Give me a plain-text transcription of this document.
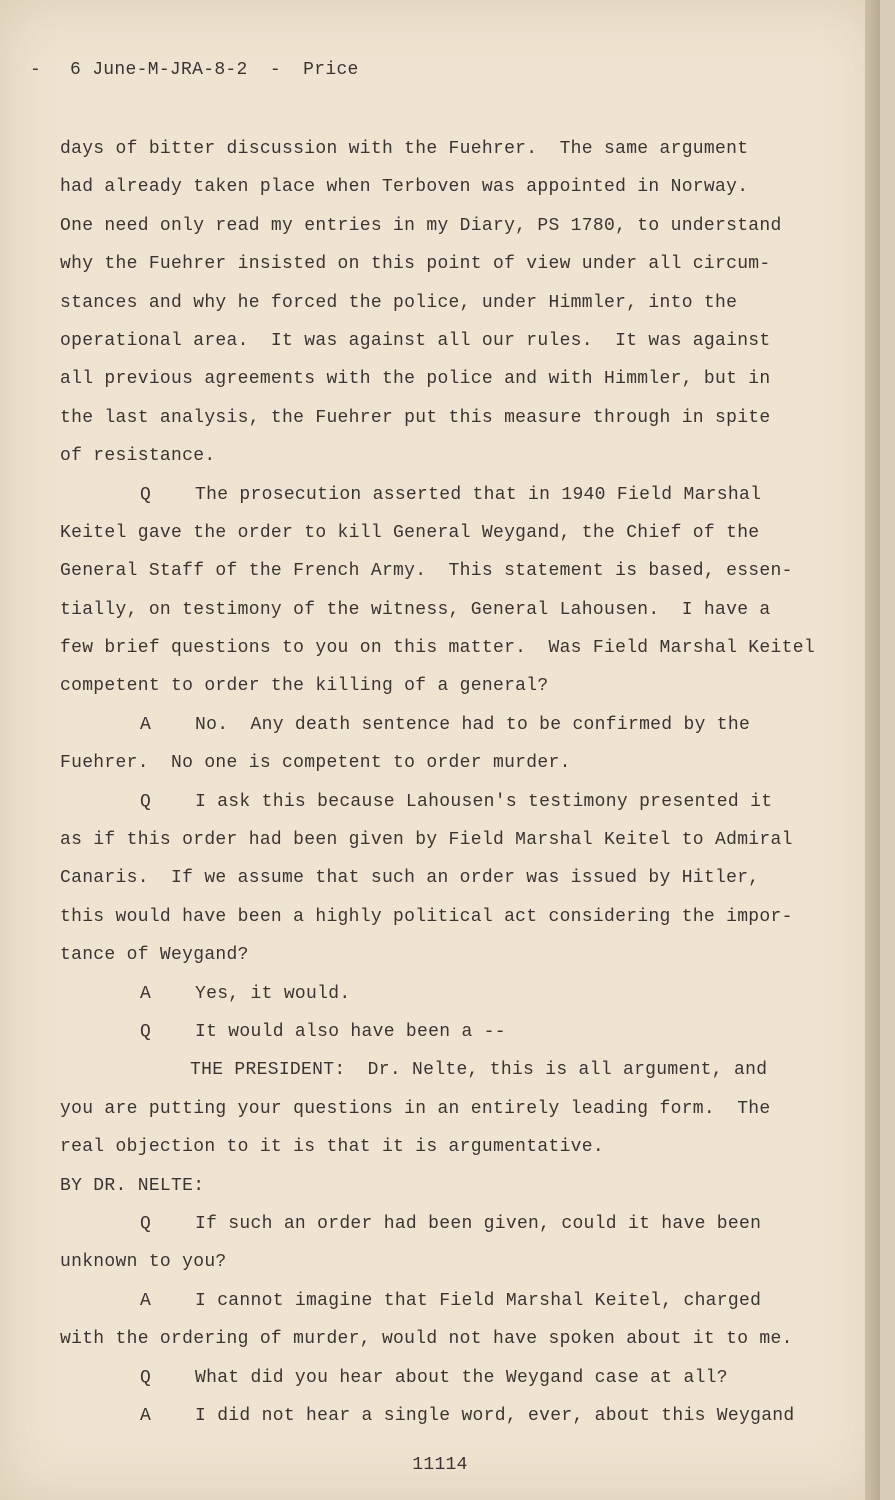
- 6 June-M-JRA-8-2  -  Price
days of bitter discussion with the Fuehrer.  The same argument
had already taken place when Terboven was appointed in Norway.
One need only read my entries in my Diary, PS 1780, to understand
why the Fuehrer insisted on this point of view under all circum-
stances and why he forced the police, under Himmler, into the
operational area.  It was against all our rules.  It was against
all previous agreements with the police and with Himmler, but in
the last analysis, the Fuehrer put this measure through in spite
of resistance.
Q The prosecution asserted that in 1940 Field Marshal
Keitel gave the order to kill General Weygand, the Chief of the
General Staff of the French Army.  This statement is based, essen-
tially, on testimony of the witness, General Lahousen.  I have a
few brief questions to you on this matter.  Was Field Marshal Keitel
competent to order the killing of a general?
A No.  Any death sentence had to be confirmed by the
Fuehrer.  No one is competent to order murder.
Q I ask this because Lahousen's testimony presented it
as if this order had been given by Field Marshal Keitel to Admiral
Canaris.  If we assume that such an order was issued by Hitler,
this would have been a highly political act considering the impor-
tance of Weygand?
A Yes, it would.
Q It would also have been a --
THE PRESIDENT:  Dr. Nelte, this is all argument, and
you are putting your questions in an entirely leading form.  The
real objection to it is that it is argumentative.
BY DR. NELTE:
Q If such an order had been given, could it have been
unknown to you?
A I cannot imagine that Field Marshal Keitel, charged
with the ordering of murder, would not have spoken about it to me.
Q What did you hear about the Weygand case at all?
A I did not hear a single word, ever, about this Weygand
11114
